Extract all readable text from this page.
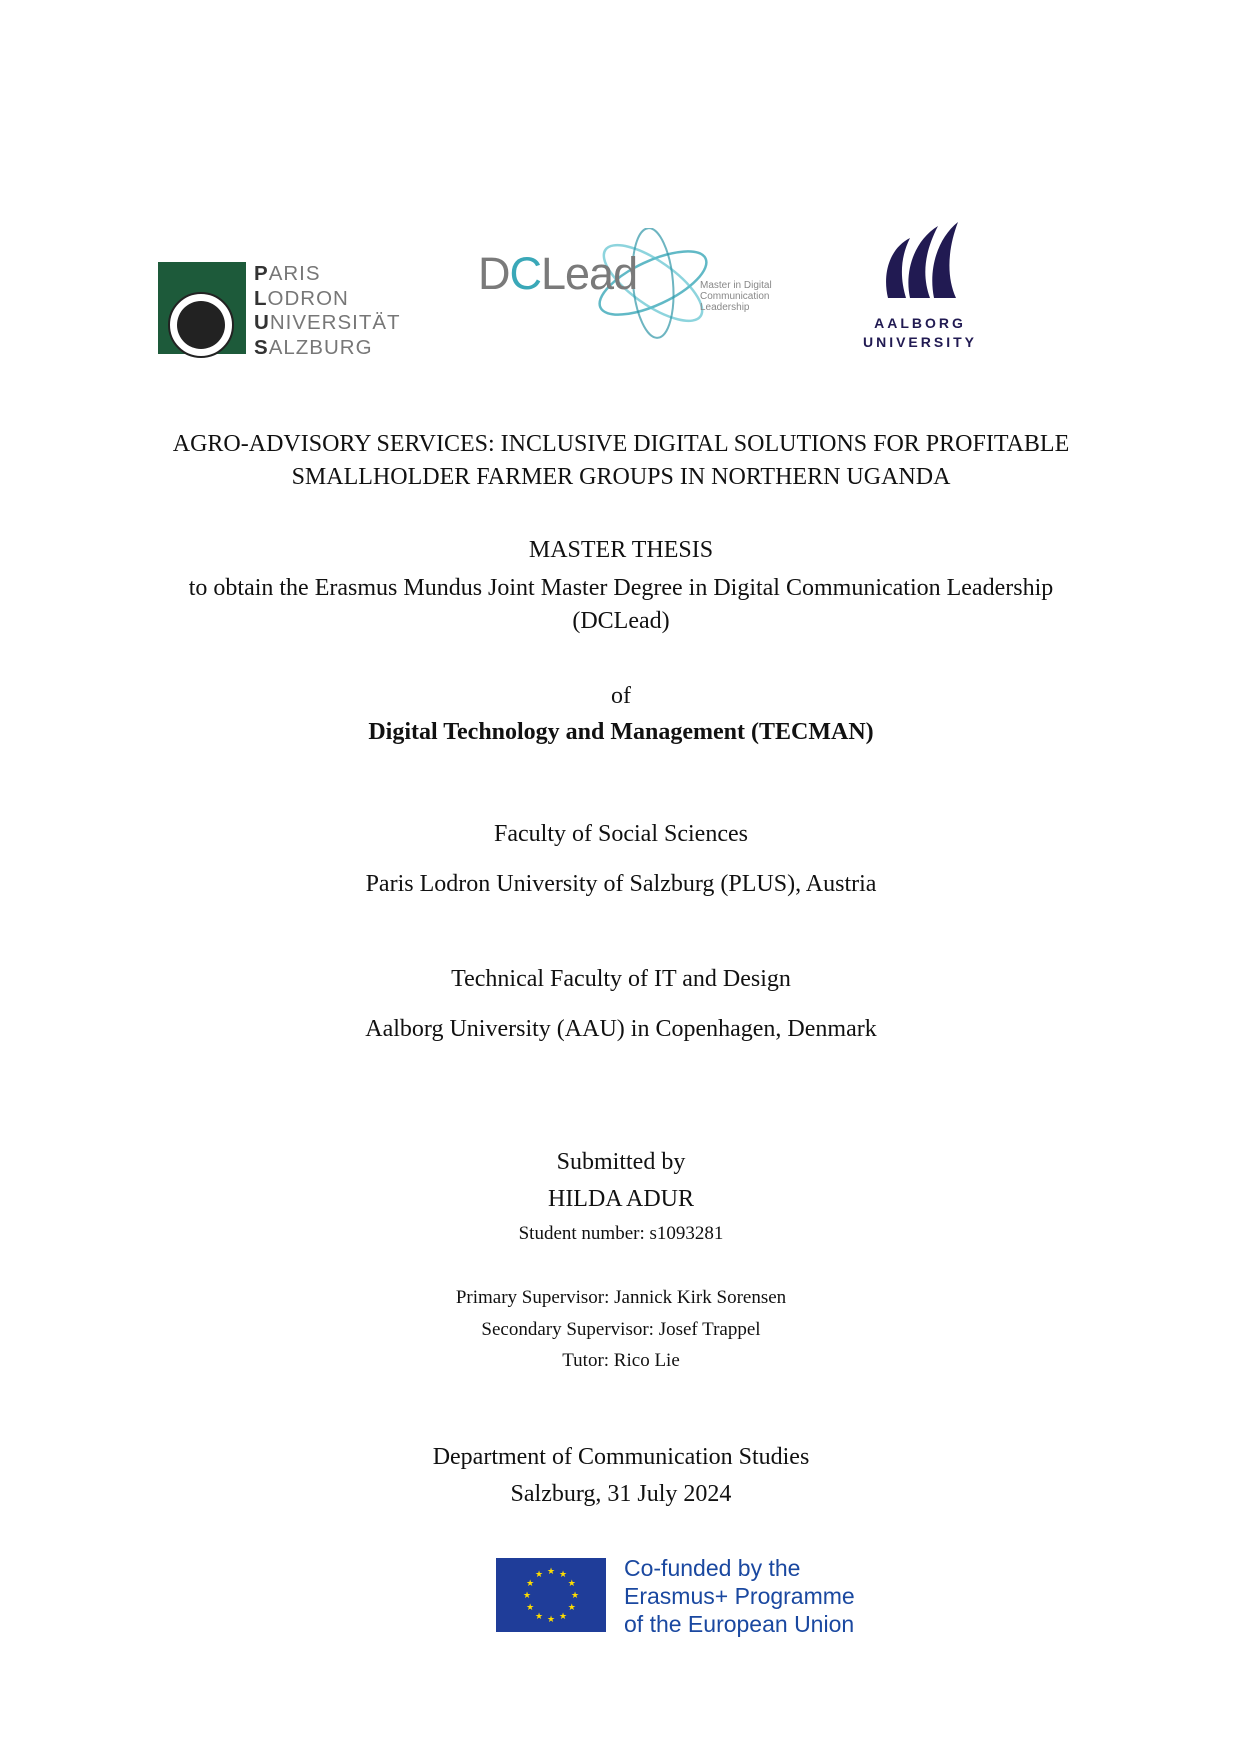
PARIS
LODRON
UNIVERSITÄT
SALZBURG
DCLead	Master in Digital
Communication
Leadership
AALBORG
UNIVERSITY
AGRO-ADVISORY SERVICES: INCLUSIVE DIGITAL SOLUTIONS FOR PROFITABLE
SMALLHOLDER FARMER GROUPS IN NORTHERN UGANDA
MASTER THESIS
to obtain the Erasmus Mundus Joint Master Degree in Digital Communication Leadership
(DCLead)
of
Digital Technology and Management (TECMAN)
Faculty of Social Sciences
Paris Lodron University of Salzburg (PLUS), Austria
Technical Faculty of IT and Design
Aalborg University (AAU) in Copenhagen, Denmark
Submitted by
HILDA ADUR
Student number: s1093281
Primary Supervisor: Jannick Kirk Sorensen
Secondary Supervisor: Josef Trappel
Tutor: Rico Lie
Department of Communication Studies
Salzburg, 31 July 2024
★ ★
★
★
★
★
★
★
★
★
★
★	Co-funded by the
Erasmus+ Programme
of the European Union
